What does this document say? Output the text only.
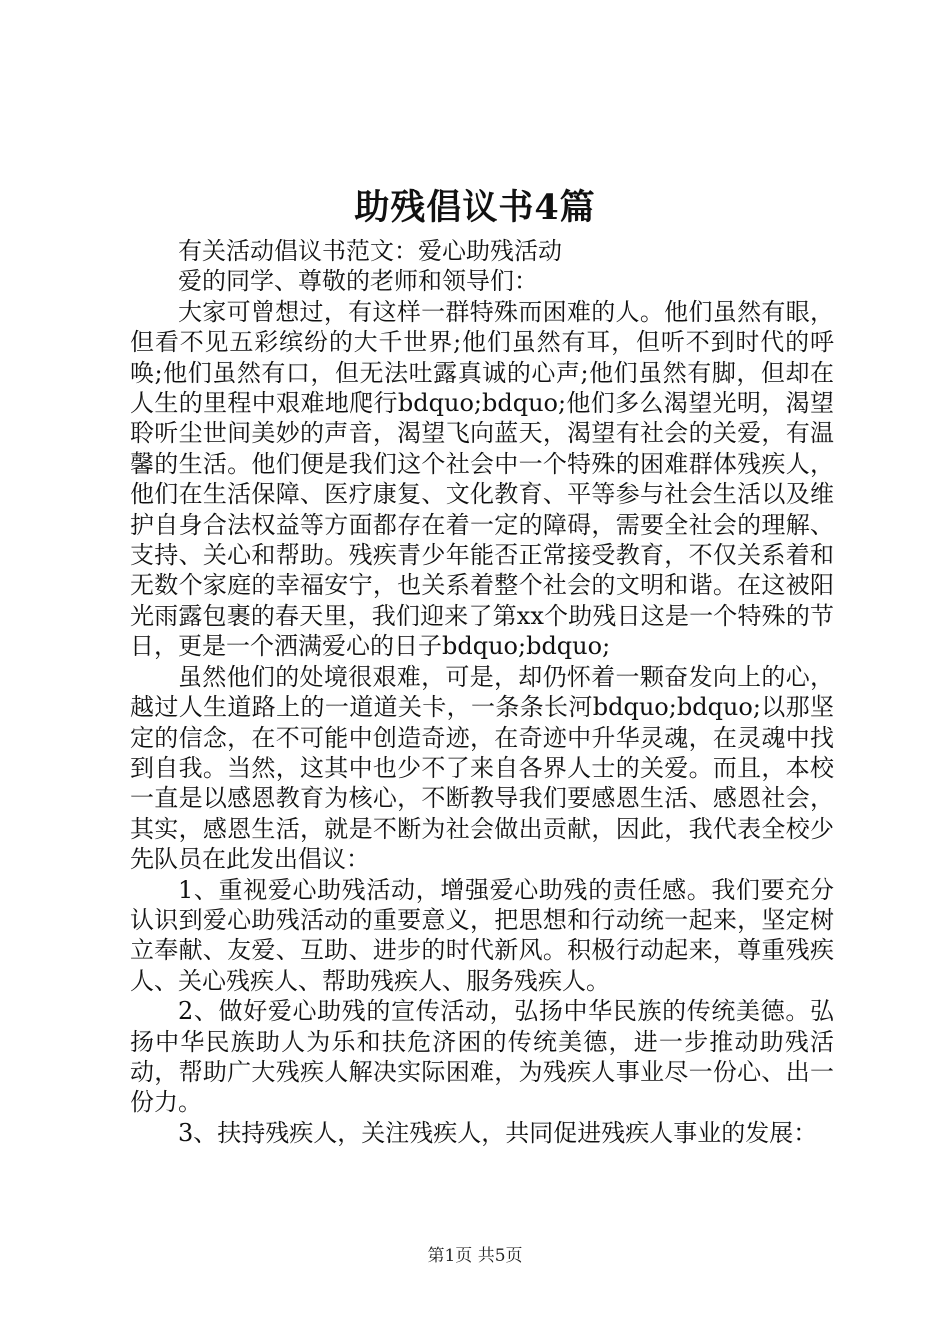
助残倡议书4篇

有关活动倡议书范文：爱心助残活动

爱的同学、尊敬的老师和领导们：

大家可曾想过，有这样一群特殊而困难的人。他们虽然有眼，但看不见五彩缤纷的大千世界;他们虽然有耳，但听不到时代的呼唤;他们虽然有口，但无法吐露真诚的心声;他们虽然有脚，但却在人生的里程中艰难地爬行bdquo;bdquo;他们多么渴望光明，渴望聆听尘世间美妙的声音，渴望飞向蓝天，渴望有社会的关爱，有温馨的生活。他们便是我们这个社会中一个特殊的困难群体残疾人，他们在生活保障、医疗康复、文化教育、平等参与社会生活以及维护自身合法权益等方面都存在着一定的障碍，需要全社会的理解、支持、关心和帮助。残疾青少年能否正常接受教育，不仅关系着和无数个家庭的幸福安宁，也关系着整个社会的文明和谐。在这被阳光雨露包裹的春天里，我们迎来了第xx个助残日这是一个特殊的节日，更是一个洒满爱心的日子bdquo;bdquo;

虽然他们的处境很艰难，可是，却仍怀着一颗奋发向上的心，越过人生道路上的一道道关卡，一条条长河bdquo;bdquo;以那坚定的信念，在不可能中创造奇迹，在奇迹中升华灵魂，在灵魂中找到自我。当然，这其中也少不了来自各界人士的关爱。而且，本校一直是以感恩教育为核心，不断教导我们要感恩生活、感恩社会，其实，感恩生活，就是不断为社会做出贡献，因此，我代表全校少先队员在此发出倡议：

1、重视爱心助残活动，增强爱心助残的责任感。我们要充分认识到爱心助残活动的重要意义，把思想和行动统一起来，坚定树立奉献、友爱、互助、进步的时代新风。积极行动起来，尊重残疾人、关心残疾人、帮助残疾人、服务残疾人。

2、做好爱心助残的宣传活动，弘扬中华民族的传统美德。弘扬中华民族助人为乐和扶危济困的传统美德，进一步推动助残活动，帮助广大残疾人解决实际困难，为残疾人事业尽一份心、出一份力。

3、扶持残疾人，关注残疾人，共同促进残疾人事业的发展：

第1页 共5页
